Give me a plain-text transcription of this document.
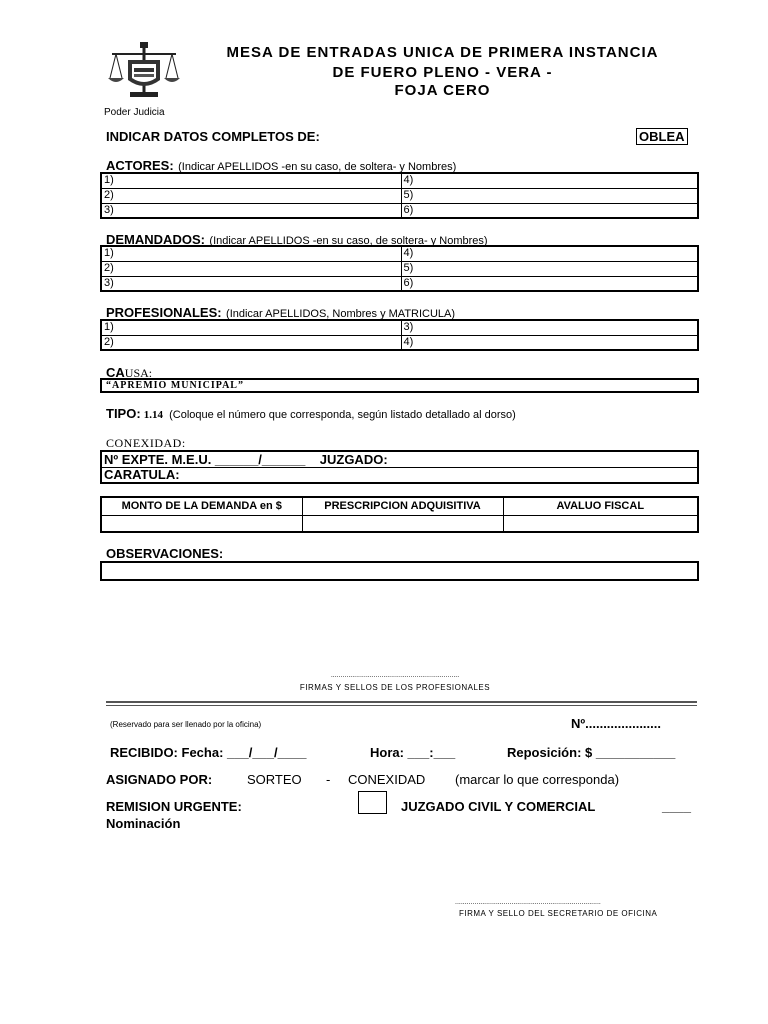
Poder Judicia
MESA DE ENTRADAS UNICA DE PRIMERA INSTANCIA
DE FUERO PLENO - VERA -
FOJA CERO
INDICAR DATOS COMPLETOS DE:	OBLEA
ACTORES: (Indicar APELLIDOS -en su caso, de soltera- y Nombres)
1)	4)
2)	5)
3)	6)
DEMANDADOS: (Indicar APELLIDOS -en su caso, de soltera- y Nombres)
1)	4)
2)	5)
3)	6)
PROFESIONALES: (Indicar APELLIDOS, Nombres y MATRICULA)
1)	3)
2)	4)
CAUSA:
“APREMIO MUNICIPAL”
TIPO: 1.14 (Coloque el número que corresponda, según listado detallado al dorso)
CONEXIDAD:
Nº EXPTE. M.E.U. ______/______ JUZGADO:
CARATULA:
MONTO DE LA DEMANDA en $	PRESCRIPCION ADQUISITIVA	AVALUO FISCAL

OBSERVACIONES:
..................................................................
FIRMAS Y SELLOS DE LOS PROFESIONALES
(Reservado para ser llenado por la oficina)	Nº.....................
RECIBIDO: Fecha: ___/___/____	Hora: ___:___	Reposición: $ ___________
ASIGNADO POR:	SORTEO - CONEXIDAD (marcar lo que corresponda)
REMISION URGENTE:	JUZGADO CIVIL Y COMERCIAL	____
Nominación
...........................................................................
FIRMA Y SELLO DEL SECRETARIO DE OFICINA
